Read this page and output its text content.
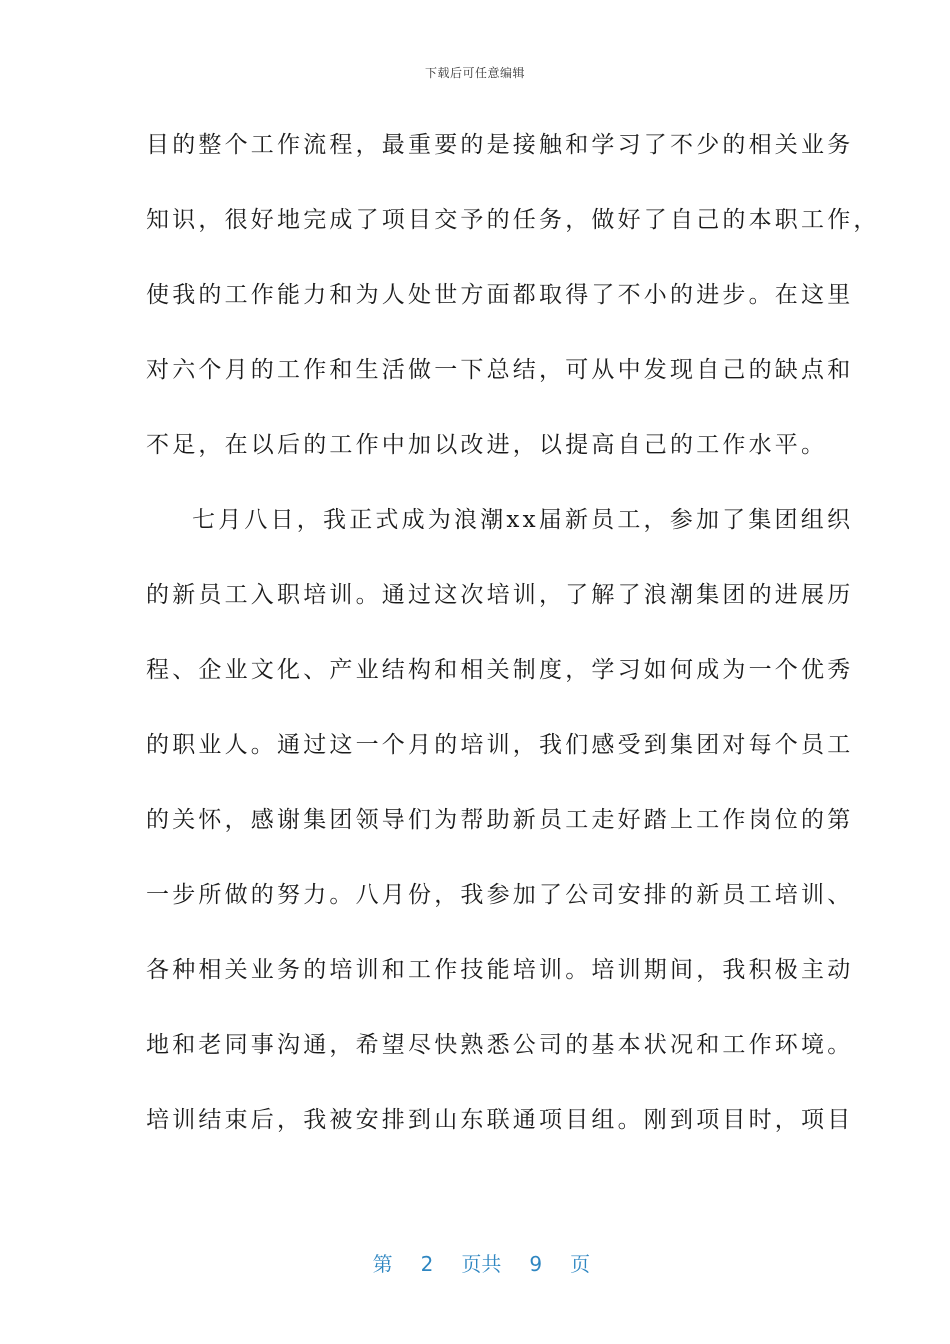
下载后可任意编辑
目的整个工作流程，最重要的是接触和学习了不少的相关业务
知识，很好地完成了项目交予的任务，做好了自己的本职工作，
使我的工作能力和为人处世方面都取得了不小的进步。在这里
对六个月的工作和生活做一下总结，可从中发现自己的缺点和
不足，在以后的工作中加以改进，以提高自己的工作水平。
七月八日，我正式成为浪潮xx届新员工，参加了集团组织
的新员工入职培训。通过这次培训，了解了浪潮集团的进展历
程、企业文化、产业结构和相关制度，学习如何成为一个优秀
的职业人。通过这一个月的培训，我们感受到集团对每个员工
的关怀，感谢集团领导们为帮助新员工走好踏上工作岗位的第
一步所做的努力。八月份，我参加了公司安排的新员工培训、
各种相关业务的培训和工作技能培训。培训期间，我积极主动
地和老同事沟通，希望尽快熟悉公司的基本状况和工作环境。
培训结束后，我被安排到山东联通项目组。刚到项目时，项目

第 2 页共 9 页
